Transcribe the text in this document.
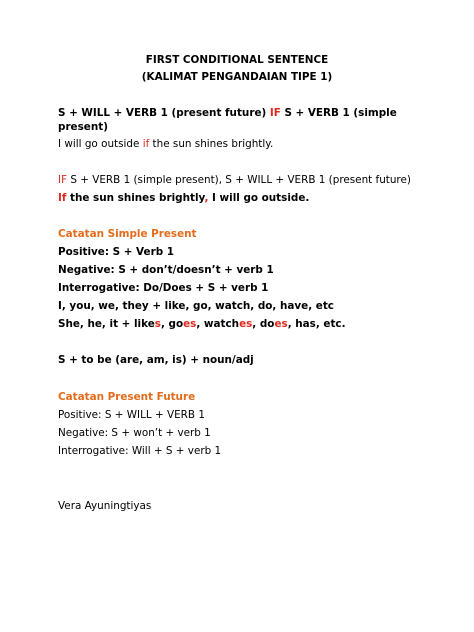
FIRST CONDITIONAL SENTENCE
(KALIMAT PENGANDAIAN TIPE 1)
S + WILL + VERB 1 (present future) IF S + VERB 1 (simple
present)
I will go outside if the sun shines brightly.
IF S + VERB 1 (simple present), S + WILL + VERB 1 (present future)
If the sun shines brightly, I will go outside.
Catatan Simple Present
Positive: S + Verb 1
Negative: S + don’t/doesn’t + verb 1
Interrogative: Do/Does + S + verb 1
I, you, we, they + like, go, watch, do, have, etc
She, he, it + likes, goes, watches, does, has, etc.
S + to be (are, am, is) + noun/adj
Catatan Present Future
Positive: S + WILL + VERB 1
Negative: S + won’t + verb 1
Interrogative: Will + S + verb 1
Vera Ayuningtiyas
